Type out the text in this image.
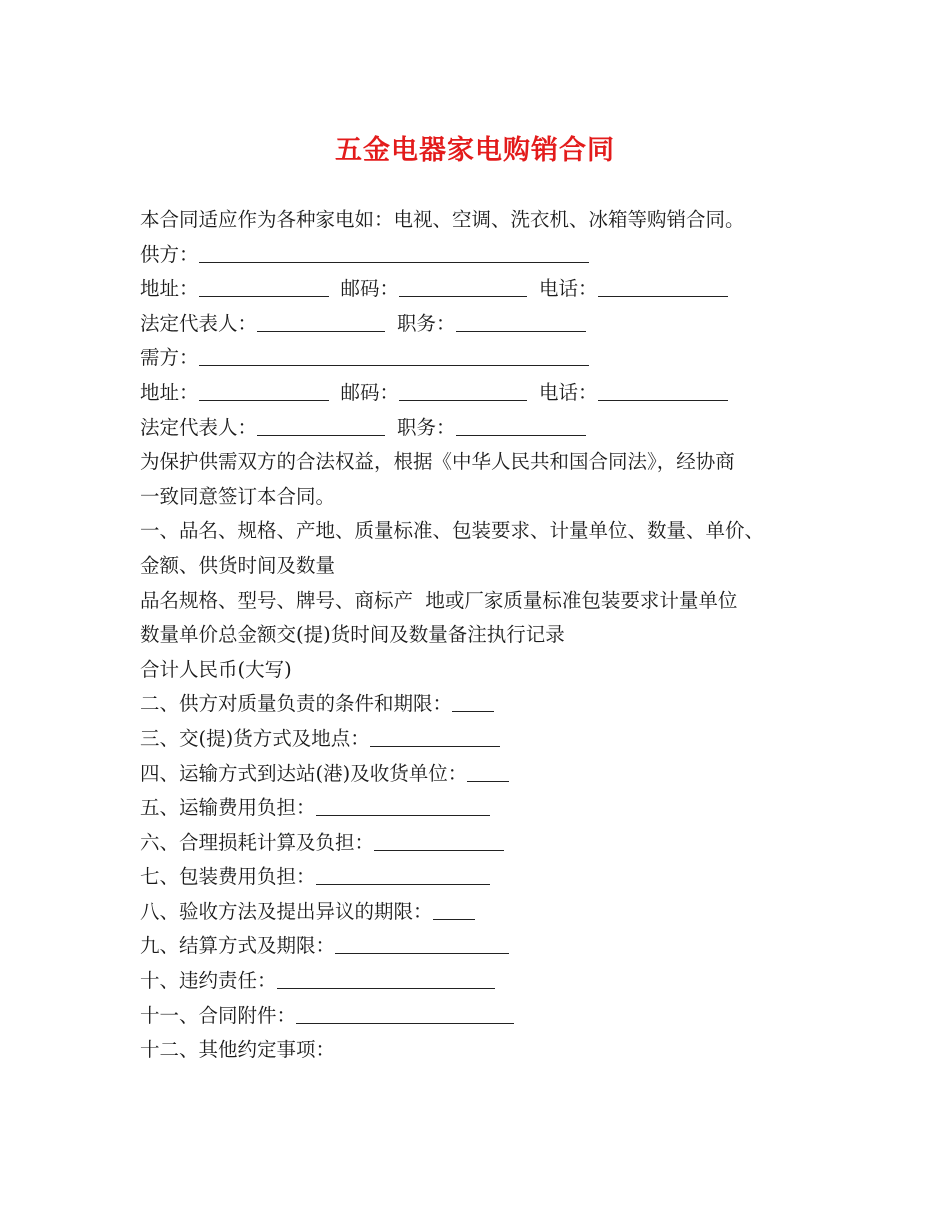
五金电器家电购销合同
本合同适应作为各种家电如：电视、空调、洗衣机、冰箱等购销合同。
供方：
地址：	邮码：	电话：
法定代表人：	职务：
需方：
地址：	邮码：	电话：
法定代表人：	职务：
为保护供需双方的合法权益，根据《中华人民共和国合同法》，经协商
一致同意签订本合同。
一、品名、规格、产地、质量标准、包装要求、计量单位、数量、单价、
金额、供货时间及数量
品名规格、型号、牌号、商标产  地或厂家质量标准包装要求计量单位
数量单价总金额交(提)货时间及数量备注执行记录
合计人民币(大写)
二、供方对质量负责的条件和期限：
三、交(提)货方式及地点：
四、运输方式到达站(港)及收货单位：
五、运输费用负担：
六、合理损耗计算及负担：
七、包装费用负担：
八、验收方法及提出异议的期限：
九、结算方式及期限：
十、违约责任：
十一、合同附件：
十二、其他约定事项：
